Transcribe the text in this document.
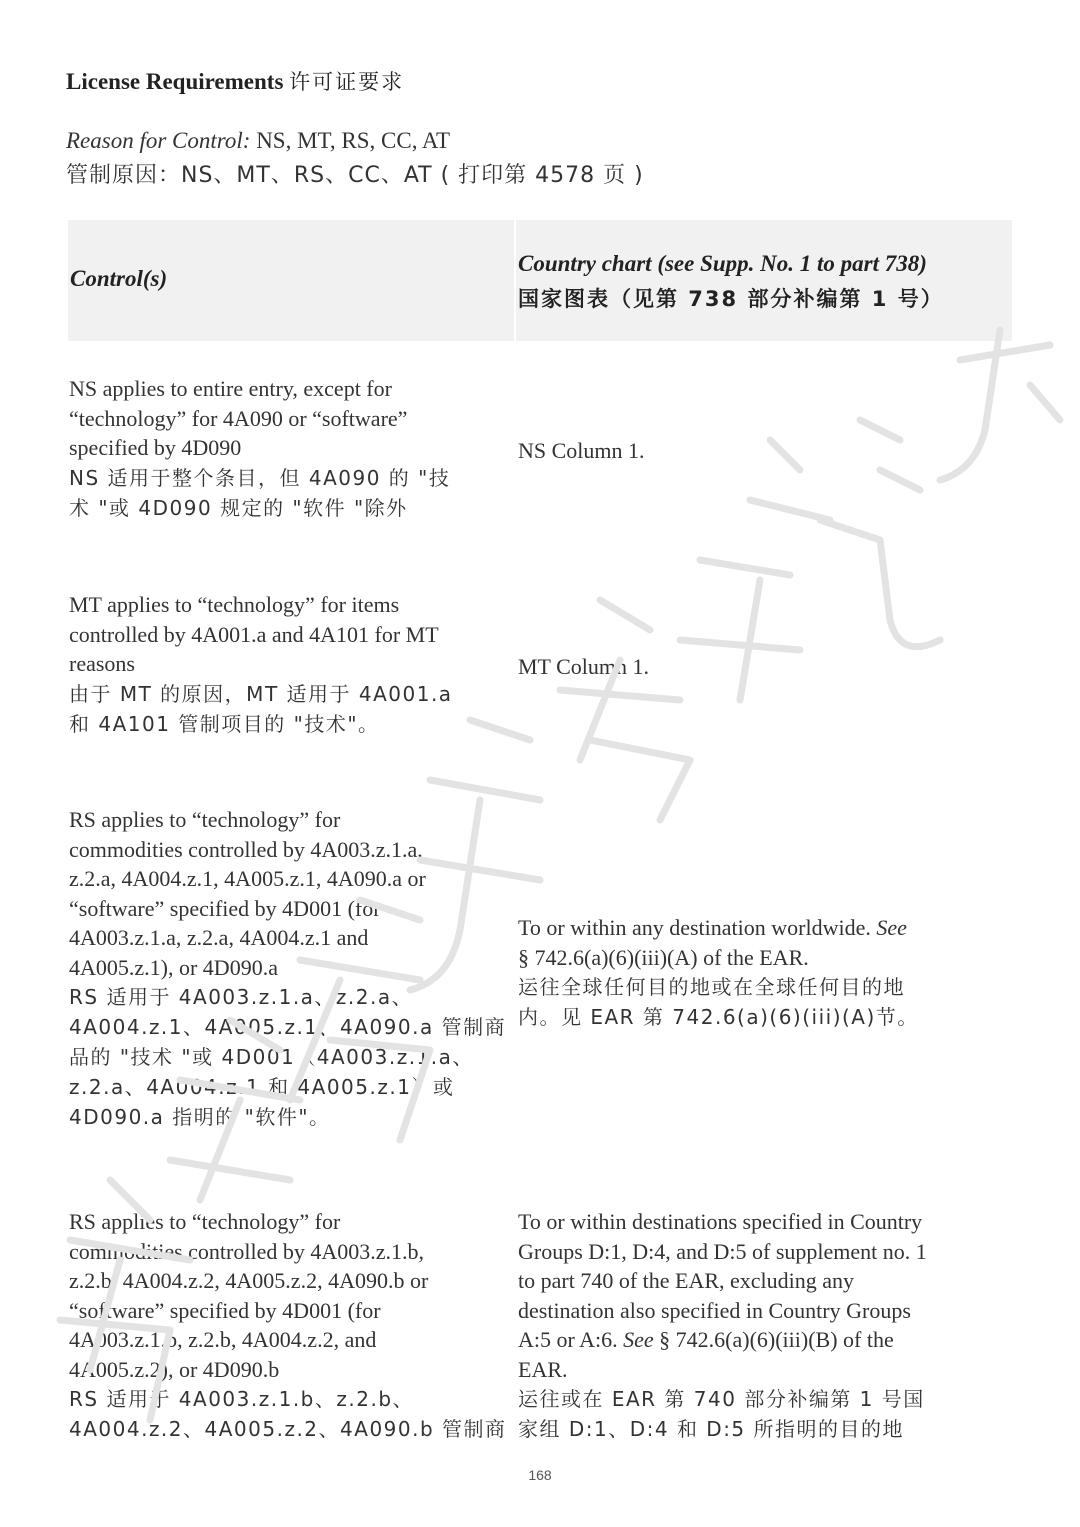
License Requirements 许可证要求
Reason for Control: NS, MT, RS, CC, AT
管制原因：NS、MT、RS、CC、AT ( 打印第 4578 页 )
Control(s)
Country chart (see Supp. No. 1 to part 738)
国家图表（见第 738 部分补编第 1 号）
NS applies to entire entry, except for
“technology” for 4A090 or “software”
specified by 4D090
NS 适用于整个条目，但 4A090 的 "技
术 "或 4D090 规定的 "软件 "除外
NS Column 1.
MT applies to “technology” for items
controlled by 4A001.a and 4A101 for MT
reasons
由于 MT 的原因，MT 适用于 4A001.a
和 4A101 管制项目的 "技术"。
MT Column 1.
RS applies to “technology” for
commodities controlled by 4A003.z.1.a,
z.2.a, 4A004.z.1, 4A005.z.1, 4A090.a or
“software” specified by 4D001 (for
4A003.z.1.a, z.2.a, 4A004.z.1 and
4A005.z.1), or 4D090.a
RS 适用于 4A003.z.1.a、z.2.a、
4A004.z.1、4A005.z.1、4A090.a 管制商
品的 "技术 "或 4D001（4A003.z.1.a、
z.2.a、4A004.z.1 和 4A005.z.1）或
4D090.a 指明的 "软件"。
To or within any destination worldwide. See
§ 742.6(a)(6)(iii)(A) of the EAR.
运往全球任何目的地或在全球任何目的地
内。见 EAR 第 742.6(a)(6)(iii)(A)节。
RS applies to “technology” for
commodities controlled by 4A003.z.1.b,
z.2.b, 4A004.z.2, 4A005.z.2, 4A090.b or
“software” specified by 4D001 (for
4A003.z.1.b, z.2.b, 4A004.z.2, and
4A005.z.2), or 4D090.b
RS 适用于 4A003.z.1.b、z.2.b、
4A004.z.2、4A005.z.2、4A090.b 管制商
To or within destinations specified in Country
Groups D:1, D:4, and D:5 of supplement no. 1
to part 740 of the EAR, excluding any
destination also specified in Country Groups
A:5 or A:6. See § 742.6(a)(6)(iii)(B) of the
EAR.
运往或在 EAR 第 740 部分补编第 1 号国
家组 D:1、D:4 和 D:5 所指明的目的地
168
